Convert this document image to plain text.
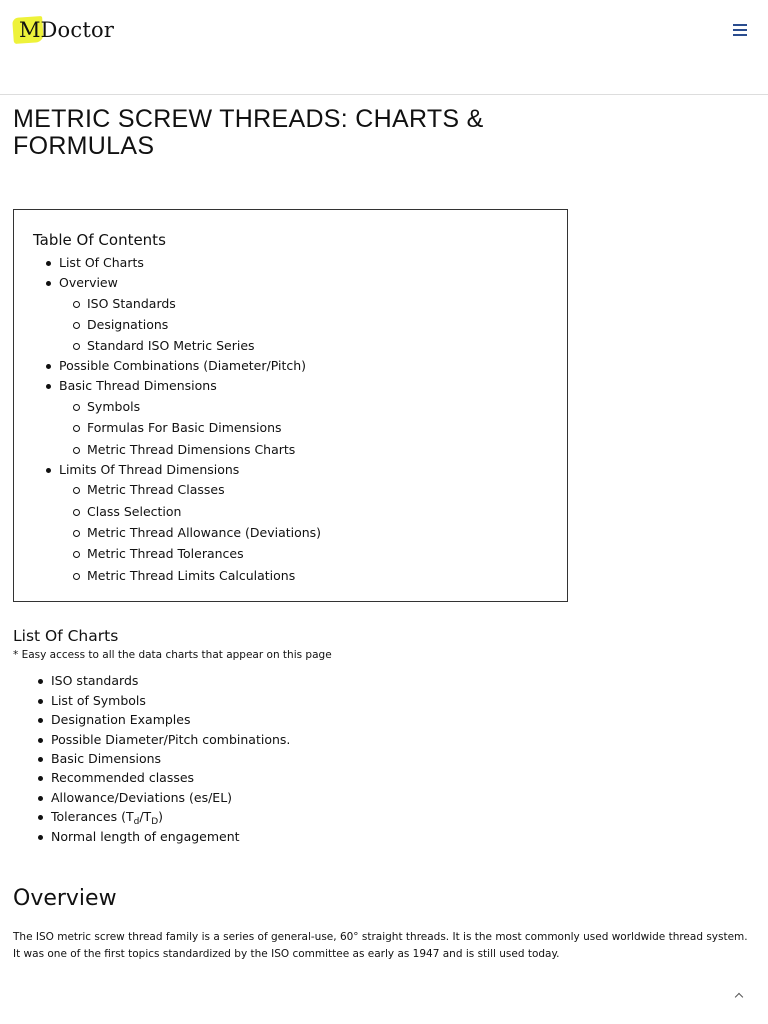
M Doctor
METRIC SCREW THREADS: CHARTS & FORMULAS
Table Of Contents
List Of Charts
Overview
ISO Standards
Designations
Standard ISO Metric Series
Possible Combinations (Diameter/Pitch)
Basic Thread Dimensions
Symbols
Formulas For Basic Dimensions
Metric Thread Dimensions Charts
Limits Of Thread Dimensions
Metric Thread Classes
Class Selection
Metric Thread Allowance (Deviations)
Metric Thread Tolerances
Metric Thread Limits Calculations
List Of Charts
* Easy access to all the data charts that appear on this page
ISO standards
List of Symbols
Designation Examples
Possible Diameter/Pitch combinations.
Basic Dimensions
Recommended classes
Allowance/Deviations (es/EL)
Tolerances $(T_d/T_D)$
Normal length of engagement
Overview

The ISO metric screw thread family is a series of general-use, 60° straight threads. It is the most commonly used worldwide thread system. It was one of the first topics standardized by the ISO committee as early as 1947 and is still used today.
